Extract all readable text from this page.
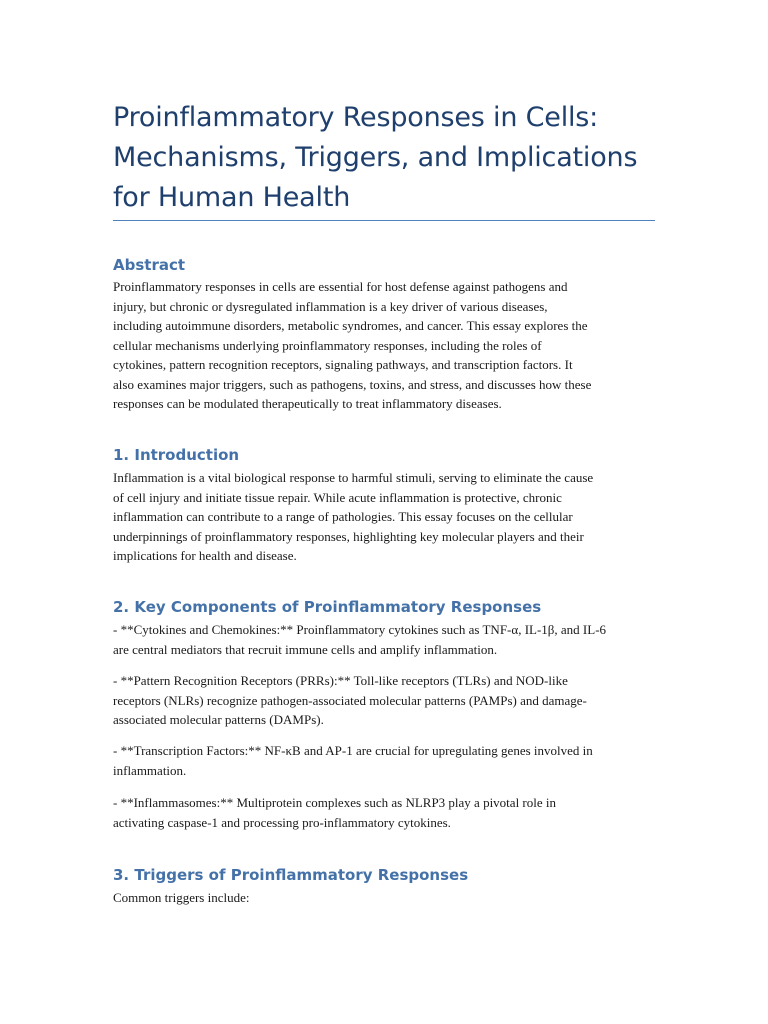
Proinflammatory Responses in Cells:
Mechanisms, Triggers, and Implications
for Human Health
Abstract
Proinflammatory responses in cells are essential for host defense against pathogens and
injury, but chronic or dysregulated inflammation is a key driver of various diseases,
including autoimmune disorders, metabolic syndromes, and cancer. This essay explores the
cellular mechanisms underlying proinflammatory responses, including the roles of
cytokines, pattern recognition receptors, signaling pathways, and transcription factors. It
also examines major triggers, such as pathogens, toxins, and stress, and discusses how these
responses can be modulated therapeutically to treat inflammatory diseases.
1. Introduction
Inflammation is a vital biological response to harmful stimuli, serving to eliminate the cause
of cell injury and initiate tissue repair. While acute inflammation is protective, chronic
inflammation can contribute to a range of pathologies. This essay focuses on the cellular
underpinnings of proinflammatory responses, highlighting key molecular players and their
implications for health and disease.
2. Key Components of Proinflammatory Responses
- **Cytokines and Chemokines:** Proinflammatory cytokines such as TNF-α, IL-1β, and IL-6
are central mediators that recruit immune cells and amplify inflammation.
- **Pattern Recognition Receptors (PRRs):** Toll-like receptors (TLRs) and NOD-like
receptors (NLRs) recognize pathogen-associated molecular patterns (PAMPs) and damage-
associated molecular patterns (DAMPs).
- **Transcription Factors:** NF-κB and AP-1 are crucial for upregulating genes involved in
inflammation.
- **Inflammasomes:** Multiprotein complexes such as NLRP3 play a pivotal role in
activating caspase-1 and processing pro-inflammatory cytokines.
3. Triggers of Proinflammatory Responses
Common triggers include:
